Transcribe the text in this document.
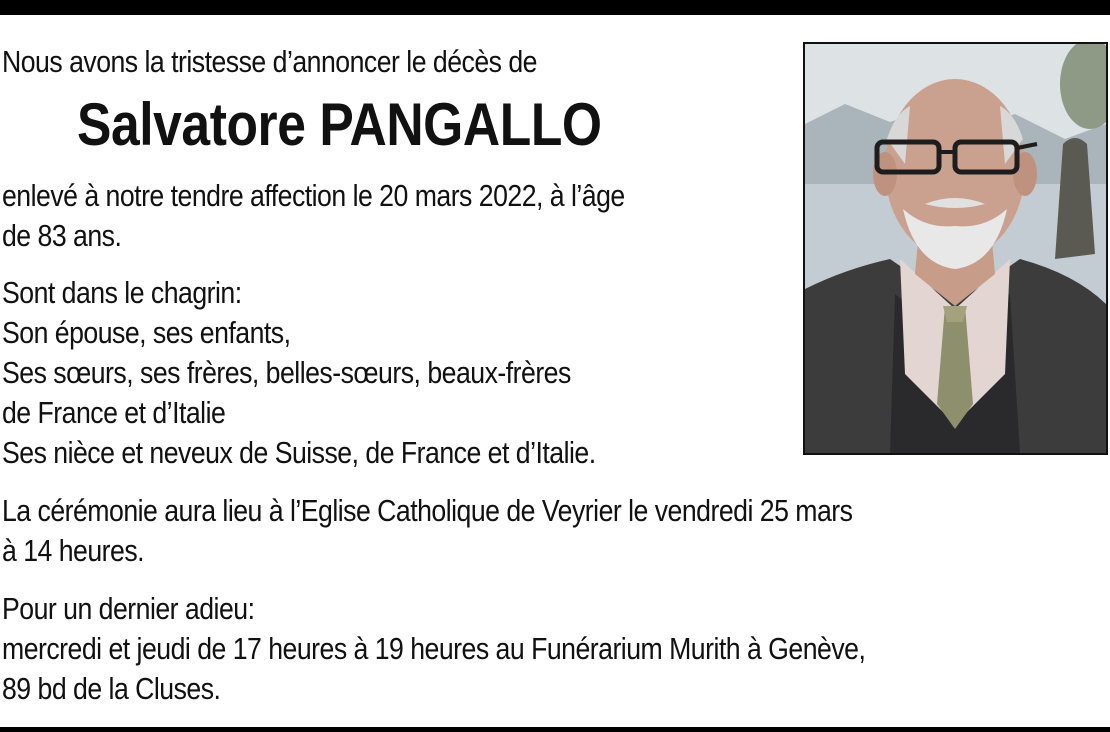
Nous avons la tristesse d’annoncer le décès de
Salvatore PANGALLO
enlevé à notre tendre affection le 20 mars 2022, à l’âge
de 83 ans.
Sont dans le chagrin:
Son épouse, ses enfants,
Ses sœurs, ses frères, belles-sœurs, beaux-frères
de France et d’Italie
Ses nièce et neveux de Suisse, de France et d’Italie.
La cérémonie aura lieu à l’Eglise Catholique de Veyrier le vendredi 25 mars
à 14 heures.
Pour un dernier adieu:
mercredi et jeudi de 17 heures à 19 heures au Funérarium Murith à Genève,
89 bd de la Cluses.
